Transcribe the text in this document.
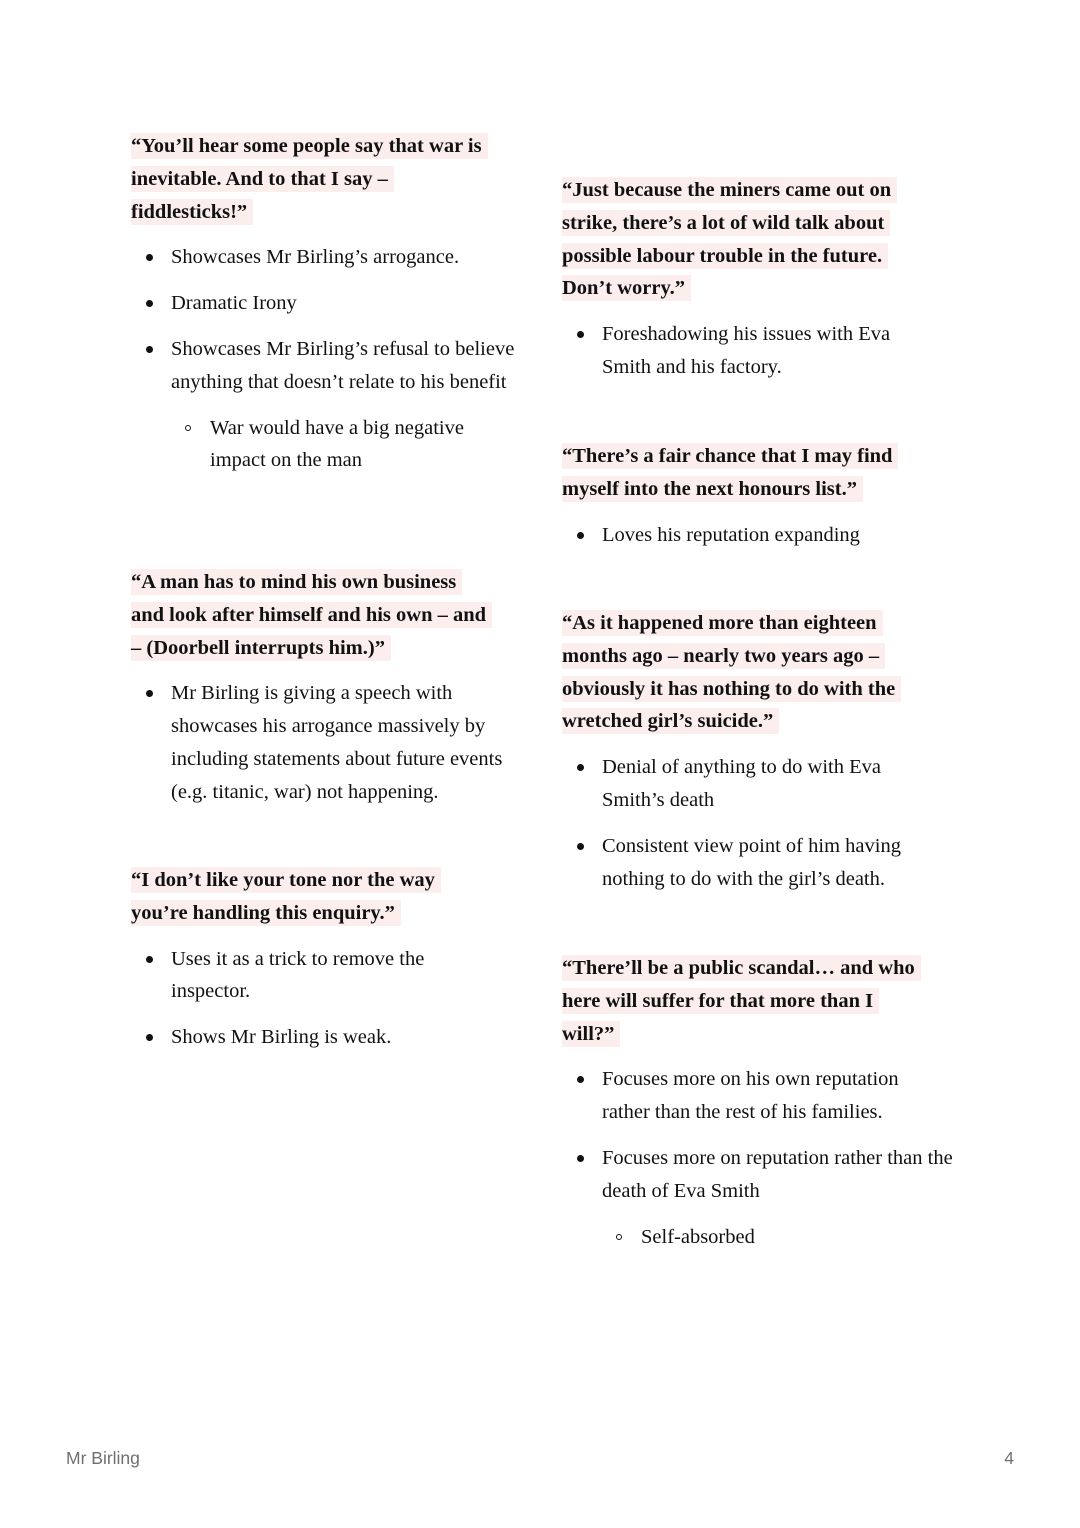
“You’ll hear some people say that war is
inevitable. And to that I say –
fiddlesticks!”

Showcases Mr Birling’s arrogance.
Dramatic Irony
Showcases Mr Birling’s refusal to believe anything that doesn’t relate to his benefit
War would have a big negative impact on the man

“A man has to mind his own business
and look after himself and his own – and
– (Doorbell interrupts him.)”

Mr Birling is giving a speech with showcases his arrogance massively by including statements about future events (e.g. titanic, war) not happening.

“I don’t like your tone nor the way
you’re handling this enquiry.”

Uses it as a trick to remove the inspector.
Shows Mr Birling is weak.

“Just because the miners came out on
strike, there’s a lot of wild talk about
possible labour trouble in the future.
Don’t worry.”

Foreshadowing his issues with Eva Smith and his factory.

“There’s a fair chance that I may find
myself into the next honours list.”

Loves his reputation expanding

“As it happened more than eighteen
months ago – nearly two years ago –
obviously it has nothing to do with the
wretched girl’s suicide.”

Denial of anything to do with Eva Smith’s death
Consistent view point of him having nothing to do with the girl’s death.

“There’ll be a public scandal… and who
here will suffer for that more than I
will?”

Focuses more on his own reputation rather than the rest of his families.
Focuses more on reputation rather than the death of Eva Smith
Self-absorbed
Mr Birling	4
